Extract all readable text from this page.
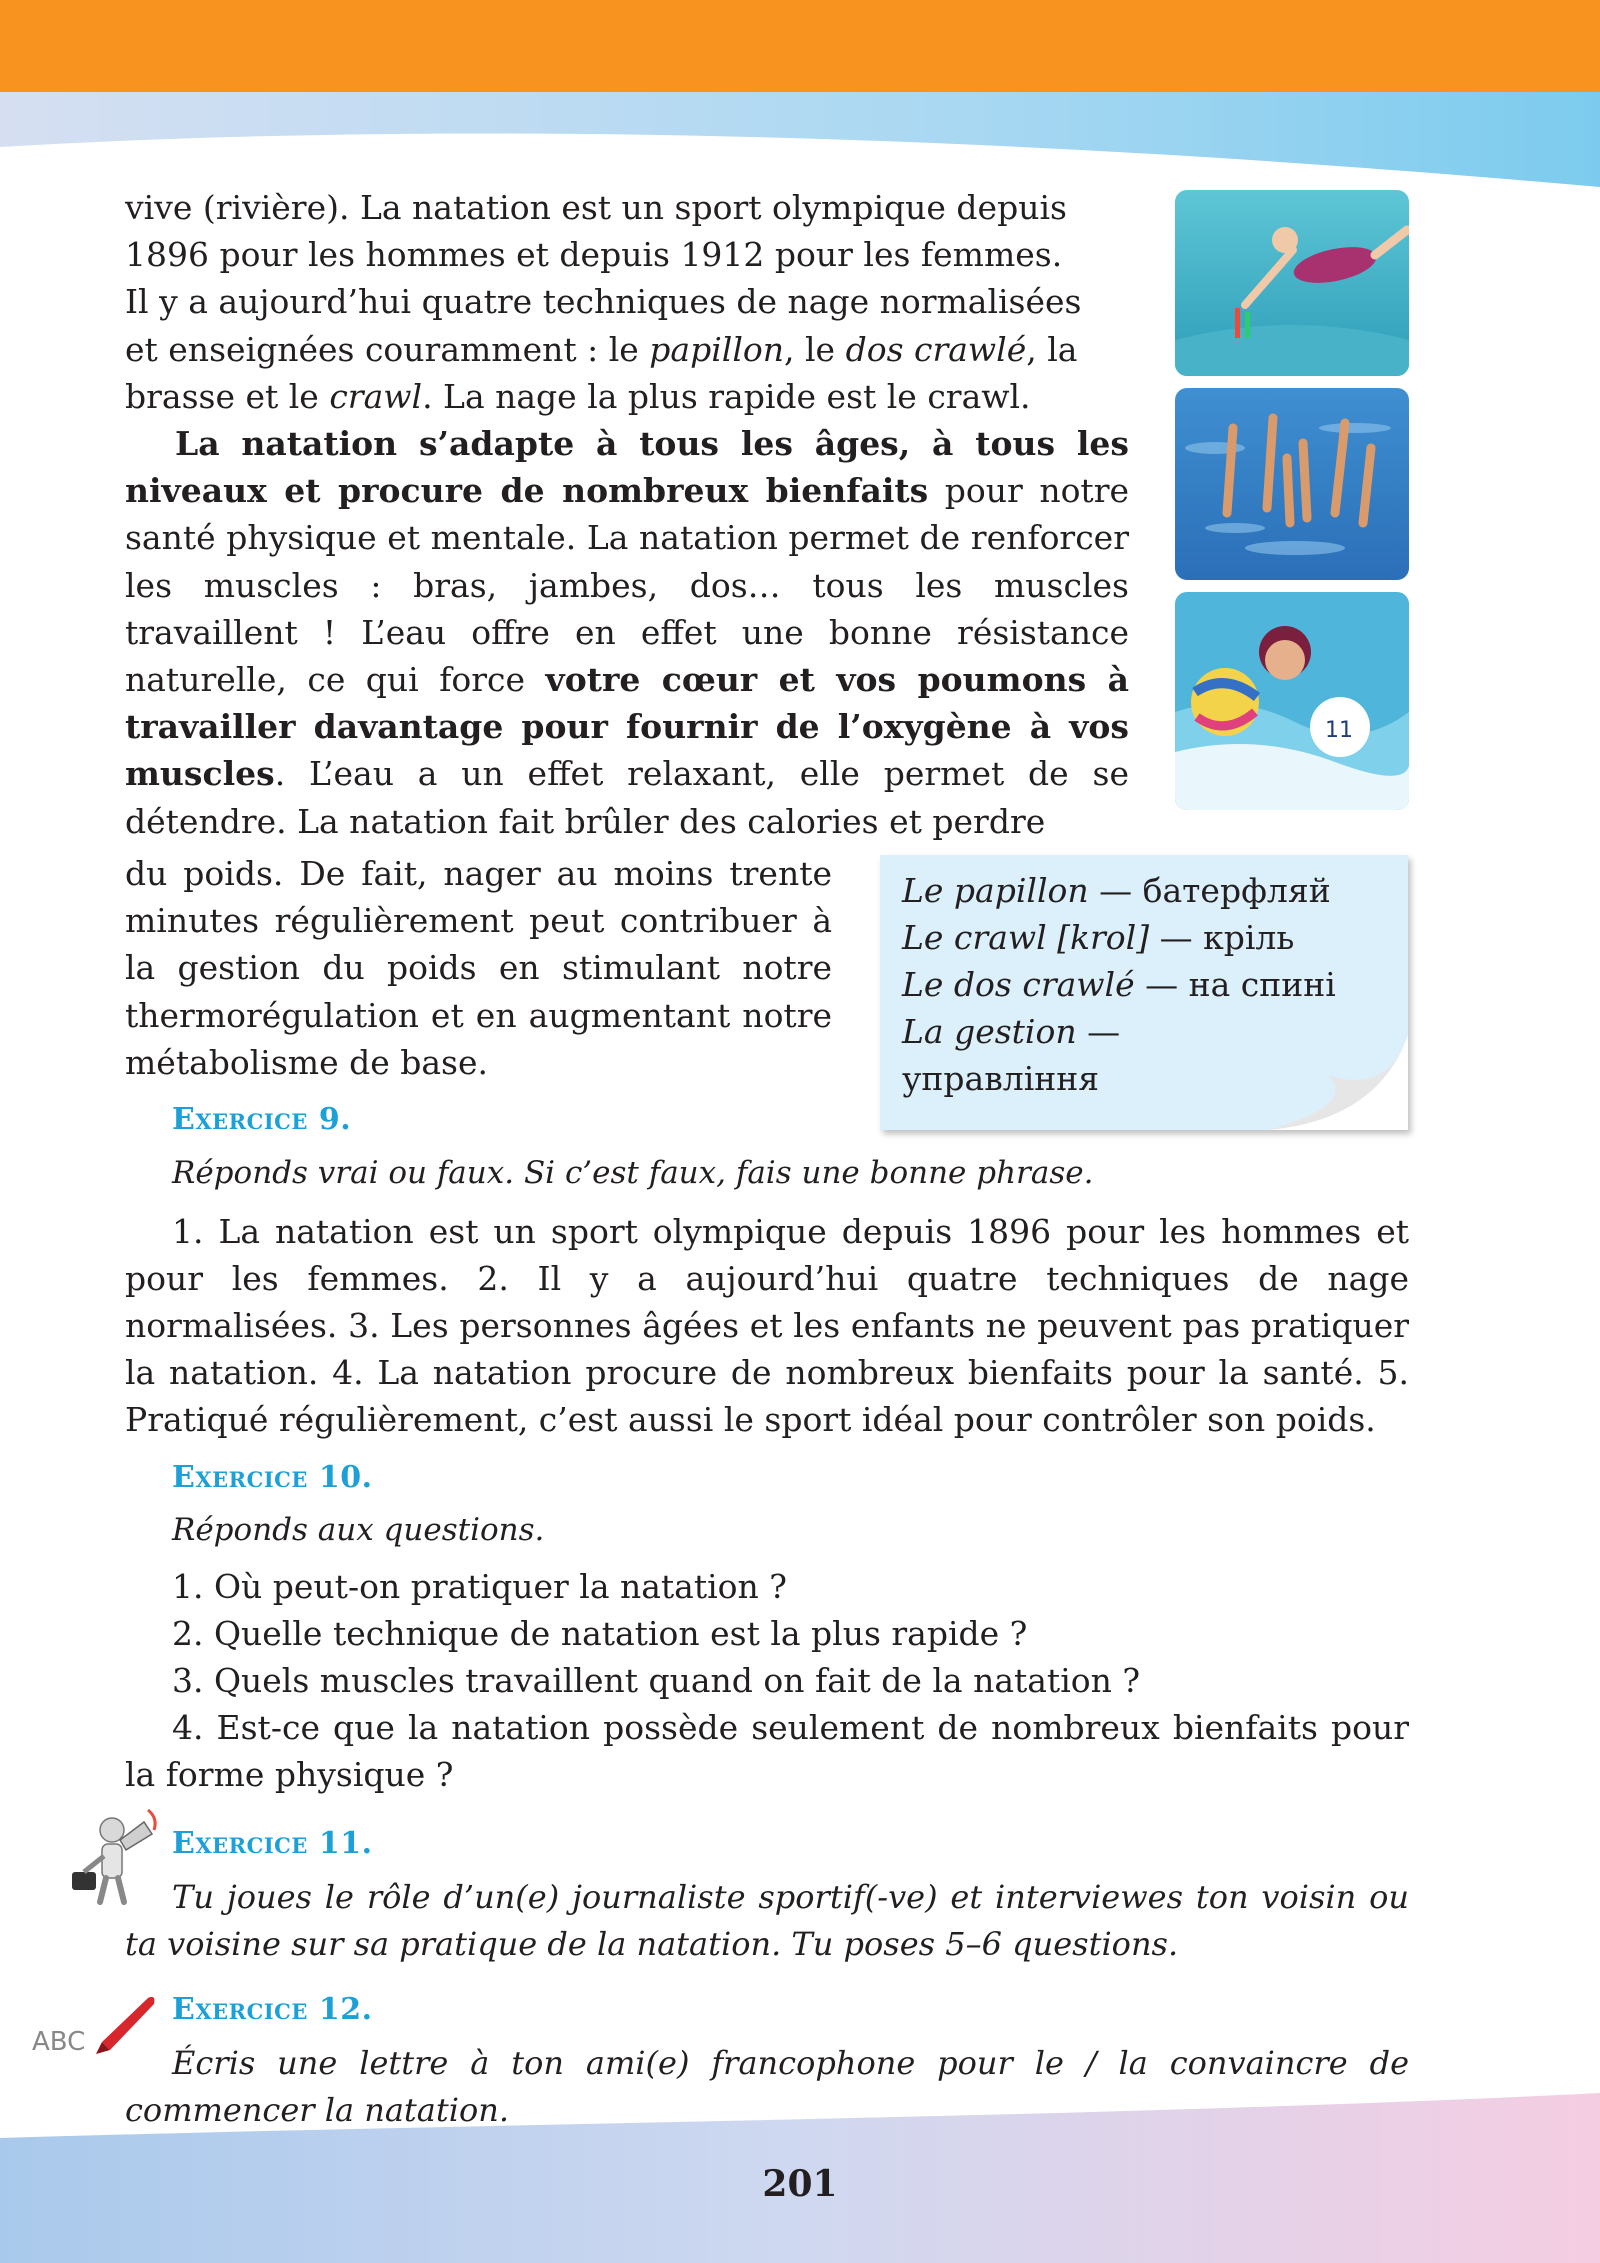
vive (rivière). La natation est un sport olympique depuis

1896 pour les hommes et depuis 1912 pour les femmes.

Il y a aujourd’hui quatre techniques de nage normalisées

et enseignées couramment : le papillon, le dos crawlé, la

brasse et le crawl. La nage la plus rapide est le crawl.

La natation s’adapte à tous les âges, à tous les niveaux et procure de nombreux bienfaits pour notre santé physique et mentale. La natation permet de renforcer les muscles : bras, jambes, dos… tous les muscles travaillent ! L’eau offre en effet une bonne résistance naturelle, ce qui force votre cœur et vos poumons à travailler davantage pour fournir de l’oxygène à vos muscles. L’eau a un effet relaxant, elle permet de se détendre. La natation fait brûler des calories et perdre

du poids. De fait, nager au moins trente minutes régulièrement peut contribuer à la gestion du poids en stimulant notre thermorégulation et en augmentant notre métabolisme de base.

11
Le papillon — батерфляй
Le crawl [krol] — кріль
Le dos crawlé — на спині
La gestion —
управління
Exercice 9.
Réponds vrai ou faux. Si c’est faux, fais une bonne phrase.

1. La natation est un sport olympique depuis 1896 pour les hommes et pour les femmes. 2. Il y a aujourd’hui quatre techniques de nage normalisées. 3. Les personnes âgées et les enfants ne peuvent pas pratiquer la natation. 4. La natation procure de nombreux bienfaits pour la santé. 5. Pratiqué régulièrement, c’est aussi le sport idéal pour contrôler son poids.

Exercice 10.
Réponds aux questions.

1. Où peut-on pratiquer la natation ?

2. Quelle technique de natation est la plus rapide ?

3. Quels muscles travaillent quand on fait de la natation ?

4. Est-ce que la natation possède seulement de nombreux bienfaits pour la forme physique ?

Exercice 11.

Tu joues le rôle d’un(e) journaliste sportif(-ve) et interviewes ton voisin ou ta voisine sur sa pratique de la natation. Tu poses 5–6 questions.

ABC
Exercice 12.

Écris une lettre à ton ami(e) francophone pour le / la convaincre de commencer la natation.

201
